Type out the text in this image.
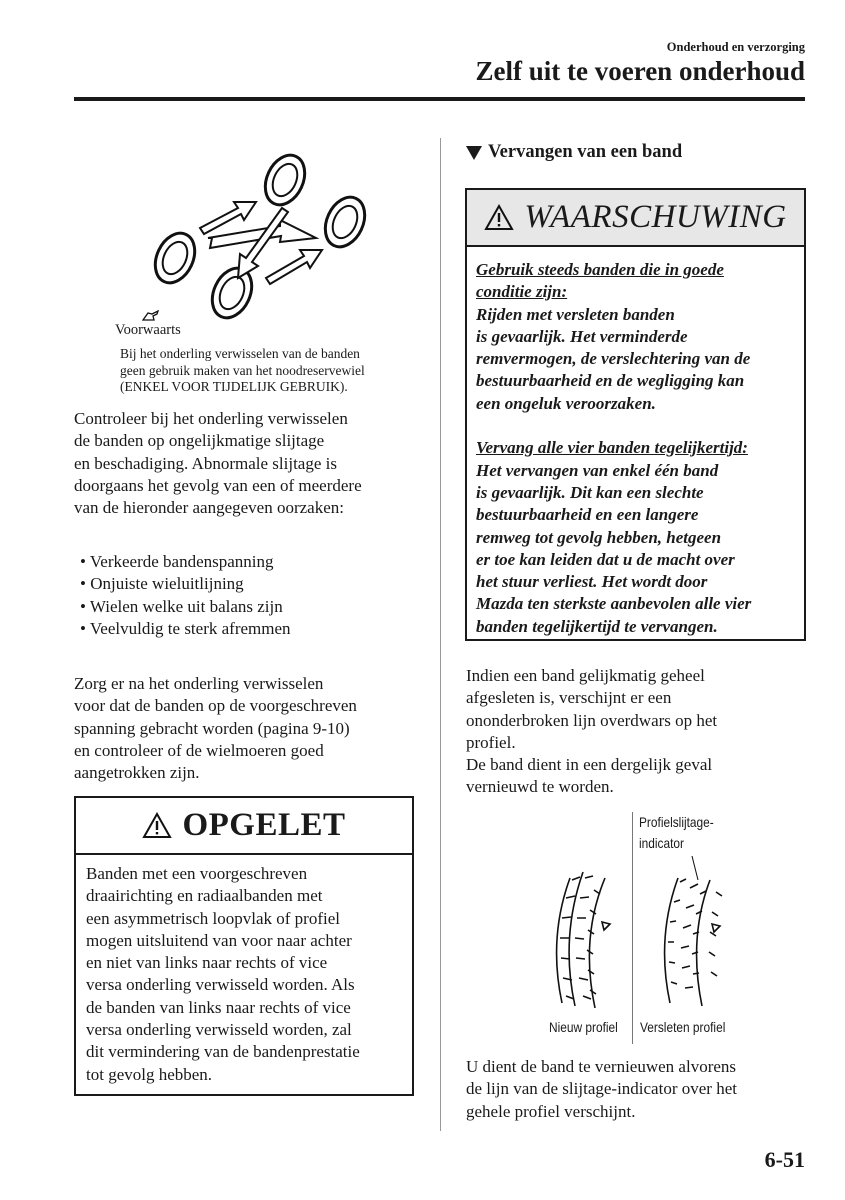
Onderhoud en verzorging
Zelf uit te voeren onderhoud
Voorwaarts
Bij het onderling verwisselen van de banden
geen gebruik maken van het noodreservewiel
(ENKEL VOOR TIJDELIJK GEBRUIK).
Controleer bij het onderling verwisselen
de banden op ongelijkmatige slijtage
en beschadiging. Abnormale slijtage is
doorgaans het gevolg van een of meerdere
van de hieronder aangegeven oorzaken:
• Verkeerde bandenspanning
• Onjuiste wieluitlijning
• Wielen welke uit balans zijn
• Veelvuldig te sterk afremmen
Zorg er na het onderling verwisselen
voor dat de banden op de voorgeschreven
spanning gebracht worden (pagina 9-10)
en controleer of de wielmoeren goed
aangetrokken zijn.
OPGELET
Banden met een voorgeschreven
draairichting en radiaalbanden met
een asymmetrisch loopvlak of profiel
mogen uitsluitend van voor naar achter
en niet van links naar rechts of vice
versa onderling verwisseld worden. Als
de banden van links naar rechts of vice
versa onderling verwisseld worden, zal
dit vermindering van de bandenprestatie
tot gevolg hebben.
Vervangen van een band
WAARSCHUWING
Gebruik steeds banden die in goede
conditie zijn:
Rijden met versleten banden
is gevaarlijk. Het verminderde
remvermogen, de verslechtering van de
bestuurbaarheid en de wegligging kan
een ongeluk veroorzaken.
Vervang alle vier banden tegelijkertijd:
Het vervangen van enkel één band
is gevaarlijk. Dit kan een slechte
bestuurbaarheid en een langere
remweg tot gevolg hebben, hetgeen
er toe kan leiden dat u de macht over
het stuur verliest. Het wordt door
Mazda ten sterkste aanbevolen alle vier
banden tegelijkertijd te vervangen.
Indien een band gelijkmatig geheel
afgesleten is, verschijnt er een
ononderbroken lijn overdwars op het
profiel.
De band dient in een dergelijk geval
vernieuwd te worden.
Profielslijtage-
indicator
Nieuw profiel Versleten profiel
U dient de band te vernieuwen alvorens
de lijn van de slijtage-indicator over het
gehele profiel verschijnt.
6-51
